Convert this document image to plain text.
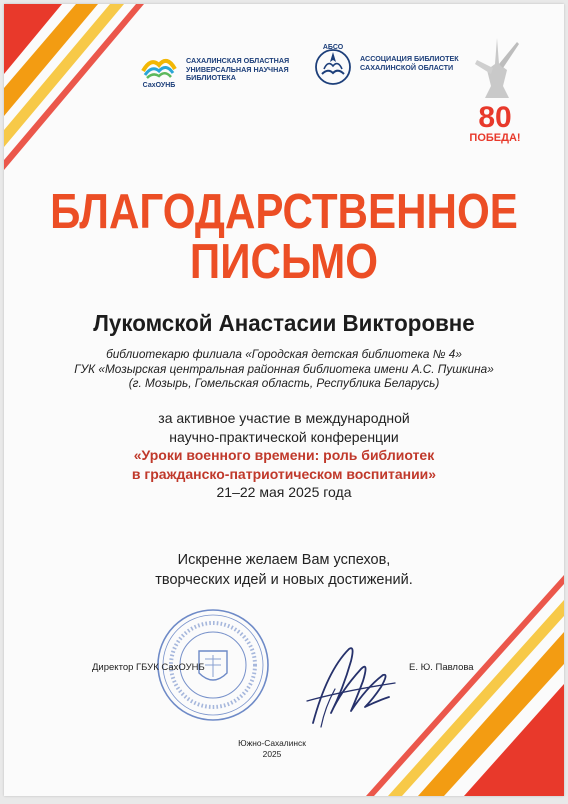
СахОУНБ
САХАЛИНСКАЯ ОБЛАСТНАЯ
УНИВЕРСАЛЬНАЯ НАУЧНАЯ
БИБЛИОТЕКА
АБСО
АССОЦИАЦИЯ БИБЛИОТЕК
САХАЛИНСКОЙ ОБЛАСТИ
80
ПОБЕДА!
БЛАГОДАРСТВЕННОЕ
ПИСЬМО
Лукомской Анастасии Викторовне
библиотекарю филиала «Городская детская библиотека № 4»
ГУК «Мозырская центральная районная библиотека имени А.С. Пушкина»
(г. Мозырь, Гомельская область, Республика Беларусь)
за активное участие в международной
научно-практической конференции
«Уроки военного времени: роль библиотек
в гражданско-патриотическом воспитании»
21–22 мая 2025 года
Искренне желаем Вам успехов,
творческих идей и новых достижений.
Директор ГБУК СахОУНБ	Е. Ю. Павлова
Южно-Сахалинск
2025
